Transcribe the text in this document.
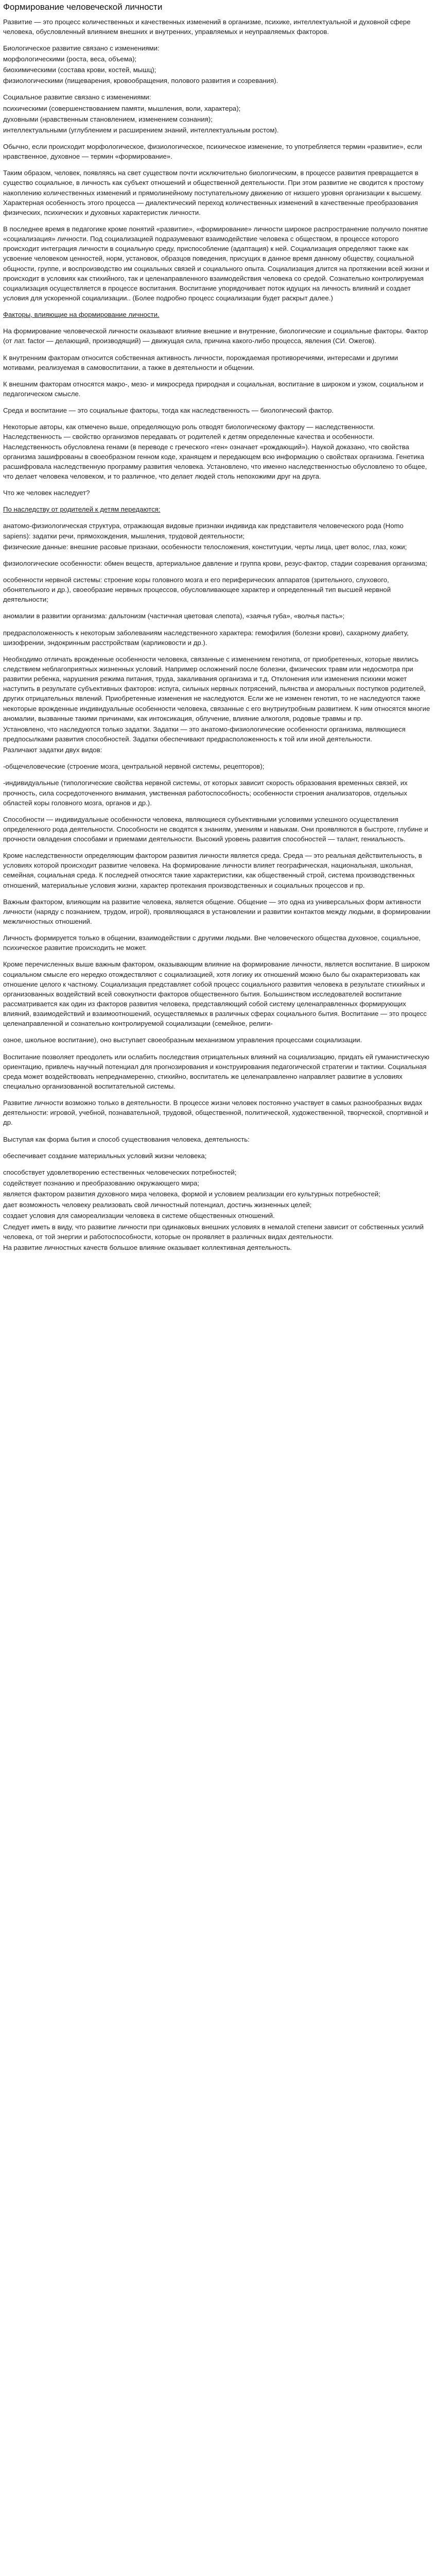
Формирование человеческой личности

Развитие — это процесс количественных и качественных изменений в организме, психике, интеллектуальной и духовной сфере человека, обусловленный влиянием внешних и внутренних, управляемых и неуправляемых факторов.

Биологическое развитие связано с изменениями:

морфологическими (роста, веса, объема);

биохимическими (состава крови, костей, мышц);

физиологическими (пищеварения, кровообращения, полового развития и созревания).

Социальное развитие связано с изменениями:

психическими (совершенствованием памяти, мышления, воли, характера);

духовными (нравственным становлением, изменением сознания);

интеллектуальными (углублением и расширением знаний, интеллектуальным ростом).

Обычно, если происходит морфологическое, физиологическое, психическое изменение, то употребляется термин «развитие», если нравственное, духовное — термин «формирование».

Таким образом, человек, появляясь на свет существом почти исключительно биологическим, в процессе развития превращается в существо социальное, в личность как субъект отношений и общественной деятельности. При этом развитие не сводится к простому накоплению количественных изменений и прямолинейному поступательному движению от низшего уровня организации к высшему. Характерная особенность этого процесса — диалектический переход количественных изменений в качественные преобразования физических, психических и духовных характеристик личности.

В последнее время в педагогике кроме понятий «развитие», «формирование» личности широкое распространение получило понятие «социализация» личности. Под социализацией подразумевают взаимодействие человека с обществом, в процессе которого происходит интеграция личности в социальную среду, приспособление (адаптация) к ней. Социализация определяют также как усвоение человеком ценностей, норм, установок, образцов поведения, присущих в данное время данному обществу, социальной общности, группе, и воспроизводство им социальных связей и социального опыта. Социализация длится на протяжении всей жизни и происходит в условиях как стихийного, так и целенаправленного взаимодействия человека со средой. Сознательно контролируемая социализация осуществляется в процессе воспитания. Воспитание упорядочивает поток идущих на личность влияний и создает условия для ускоренной социализации.. (Более подробно процесс социализации будет раскрыт далее.)

Факторы, влияющие на формирование личности.

На формирование человеческой личности оказывают влияние внешние и внутренние, биологические и социальные факторы. Фактор (от лат. factor — делающий, производящий) — движущая сила, причина какого-либо процесса, явления (СИ. Ожегов).

К внутренним факторам относится собственная активность личности, порождаемая противоречиями, интересами и другими мотивами, реализуемая в самовоспитании, а также в деятельности и общении.

К внешним факторам относятся макро-, мезо- и микросреда природная и социальная, воспитание в широком и узком, социальном и педагогическом смысле.

Среда и воспитание — это социальные факторы, тогда как наследственность — биологический фактор.

Некоторые авторы, как отмечено выше, определяющую роль отводят биологическому фактору — наследственности. Наследственность — свойство организмов передавать от родителей к детям определенные качества и особенности. Наследственность обусловлена генами (в переводе с греческого «ген» означает «рождающий»). Наукой доказано, что свойства организма зашифрованы в своеобразном генном коде, хранящем и передающем всю информацию о свойствах организма. Генетика расшифровала наследственную программу развития человека. Установлено, что именно наследственностью обусловлено то общее, что делает человека человеком, и то различное, что делает людей столь непохожими друг на друга.

Что же человек наследует?

По наследству от родителей к детям передаются:

анатомо-физиологическая структура, отражающая видовые признаки индивида как представителя человеческого рода (Homo sapiens): задатки речи, прямохождения, мышления, трудовой деятельности;

физические данные: внешние расовые признаки, особенности телосложения, конституции, черты лица, цвет волос, глаз, кожи;

физиологические особенности: обмен веществ, артериальное давление и группа крови, резус-фактор, стадии созревания организма;

особенности нервной системы: строение коры головного мозга и его периферических аппаратов (зрительного, слухового, обонятельного и др.), своеобразие нервных процессов, обусловливающее характер и определенный тип высшей нервной деятельности;

аномалии в развитии организма: дальтонизм (частичная цветовая слепота), «заячья губа», «волчья пасть»;

предрасположенность к некоторым заболеваниям наследственного характера: гемофилия (болезни крови), сахарному диабету, шизофрении, эндокринным расстройствам (карликовости и др.).

Необходимо отличать врожденные особенности человека, связанные с изменением генотипа, от приобретенных, которые явились следствием неблагоприятных жизненных условий. Например осложнений после болезни, физических травм или недосмотра при развитии ребенка, нарушения режима питания, труда, закаливания организма и т.д. Отклонения или изменения психики может наступить в результате субъективных факторов: испуга, сильных нервных потрясений, пьянства и аморальных поступков родителей, других отрицательных явлений. Приобретенные изменения не наследуются. Если же не изменен генотип, то не наследуются также некоторые врожденные индивидуальные особенности человека, связанные с его внутриутробным развитием. К ним относятся многие аномалии, вызванные такими причинами, как интоксикация, облучение, влияние алкоголя, родовые травмы и пр.

Установлено, что наследуются только задатки. Задатки — это анатомо-физиологические особенности организма, являющиеся предпосылками развития способностей. Задатки обеспечивают предрасположенность к той или иной деятельности.

Различают задатки двух видов:

-общечеловеческие (строение мозга, центральной нервной системы, рецепторов);

-индивидуальные (типологические свойства нервной системы, от которых зависит скорость образования временных связей, их прочность, сила сосредоточенного внимания, умственная работоспособность; особенности строения анализаторов, отдельных областей коры головного мозга, органов и др.).

Способности — индивидуальные особенности человека, являющиеся субъективными условиями успешного осуществления определенного рода деятельности. Способности не сводятся к знаниям, умениям и навыкам. Они проявляются в быстроте, глубине и прочности овладения способами и приемами деятельности. Высокий уровень развития способностей — талант, гениальность.

Кроме наследственности определяющим фактором развития личности является среда. Среда — это реальная действительность, в условиях которой происходит развитие человека. На формирование личности влияет географическая, национальная, школьная, семейная, социальная среда. К последней относятся такие характеристики, как общественный строй, система производственных отношений, материальные условия жизни, характер протекания производственных и социальных процессов и пр.

Важным фактором, влияющим на развитие человека, является общение. Общение — это одна из универсальных форм активности личности (наряду с познанием, трудом, игрой), проявляющаяся в установлении и развитии контактов между людьми, в формировании межличностных отношений.

Личность формируется только в общении, взаимодействии с другими людьми. Вне человеческого общества духовное, социальное, психическое развитие происходить не может.

Кроме перечисленных выше важным фактором, оказывающим влияние на формирование личности, является воспитание. В широком социальном смысле его нередко отождествляют с социализацией, хотя логику их отношений можно было бы охарактеризовать как отношение целого к частному. Социализация представляет собой процесс социального развития человека в результате стихийных и организованных воздействий всей совокупности факторов общественного бытия. Большинством исследователей воспитание рассматривается как один из факторов развития человека, представляющий собой систему целенаправленных формирующих влияний, взаимодействий и взаимоотношений, осуществляемых в различных сферах социального бытия. Воспитание — это процесс целенаправленной и сознательно контролируемой социализации (семейное, религи-

озное, школьное воспитание), оно выступает своеобразным механизмом управления процессами социализации.

Воспитание позволяет преодолеть или ослабить последствия отрицательных влияний на социализацию, придать ей гуманистическую ориентацию, привлечь научный потенциал для прогнозирования и конструирования педагогической стратегии и тактики. Социальная среда может воздействовать непреднамеренно, стихийно, воспитатель же целенаправленно направляет развитие в условиях специально организованной воспитательной системы.

Развитие личности возможно только в деятельности. В процессе жизни человек постоянно участвует в самых разнообразных видах деятельности: игровой, учебной, познавательной, трудовой, общественной, политической, художественной, творческой, спортивной и др.

Выступая как форма бытия и способ существования человека, деятельность:

обеспечивает создание материальных условий жизни человека;

способствует удовлетворению естественных человеческих потребностей;

содействует познанию и преобразованию окружающего мира;

является фактором развития духовного мира человека, формой и условием реализации его культурных потребностей;

дает возможность человеку реализовать свой личностный потенциал, достичь жизненных целей;

создает условия для самореализации человека в системе общественных отношений.

Следует иметь в виду, что развитие личности при одинаковых внешних условиях в немалой степени зависит от собственных усилий человека, от той энергии и работоспособности, которые он проявляет в различных видах деятельности.

На развитие личностных качеств большое влияние оказывает коллективная деятельность.
